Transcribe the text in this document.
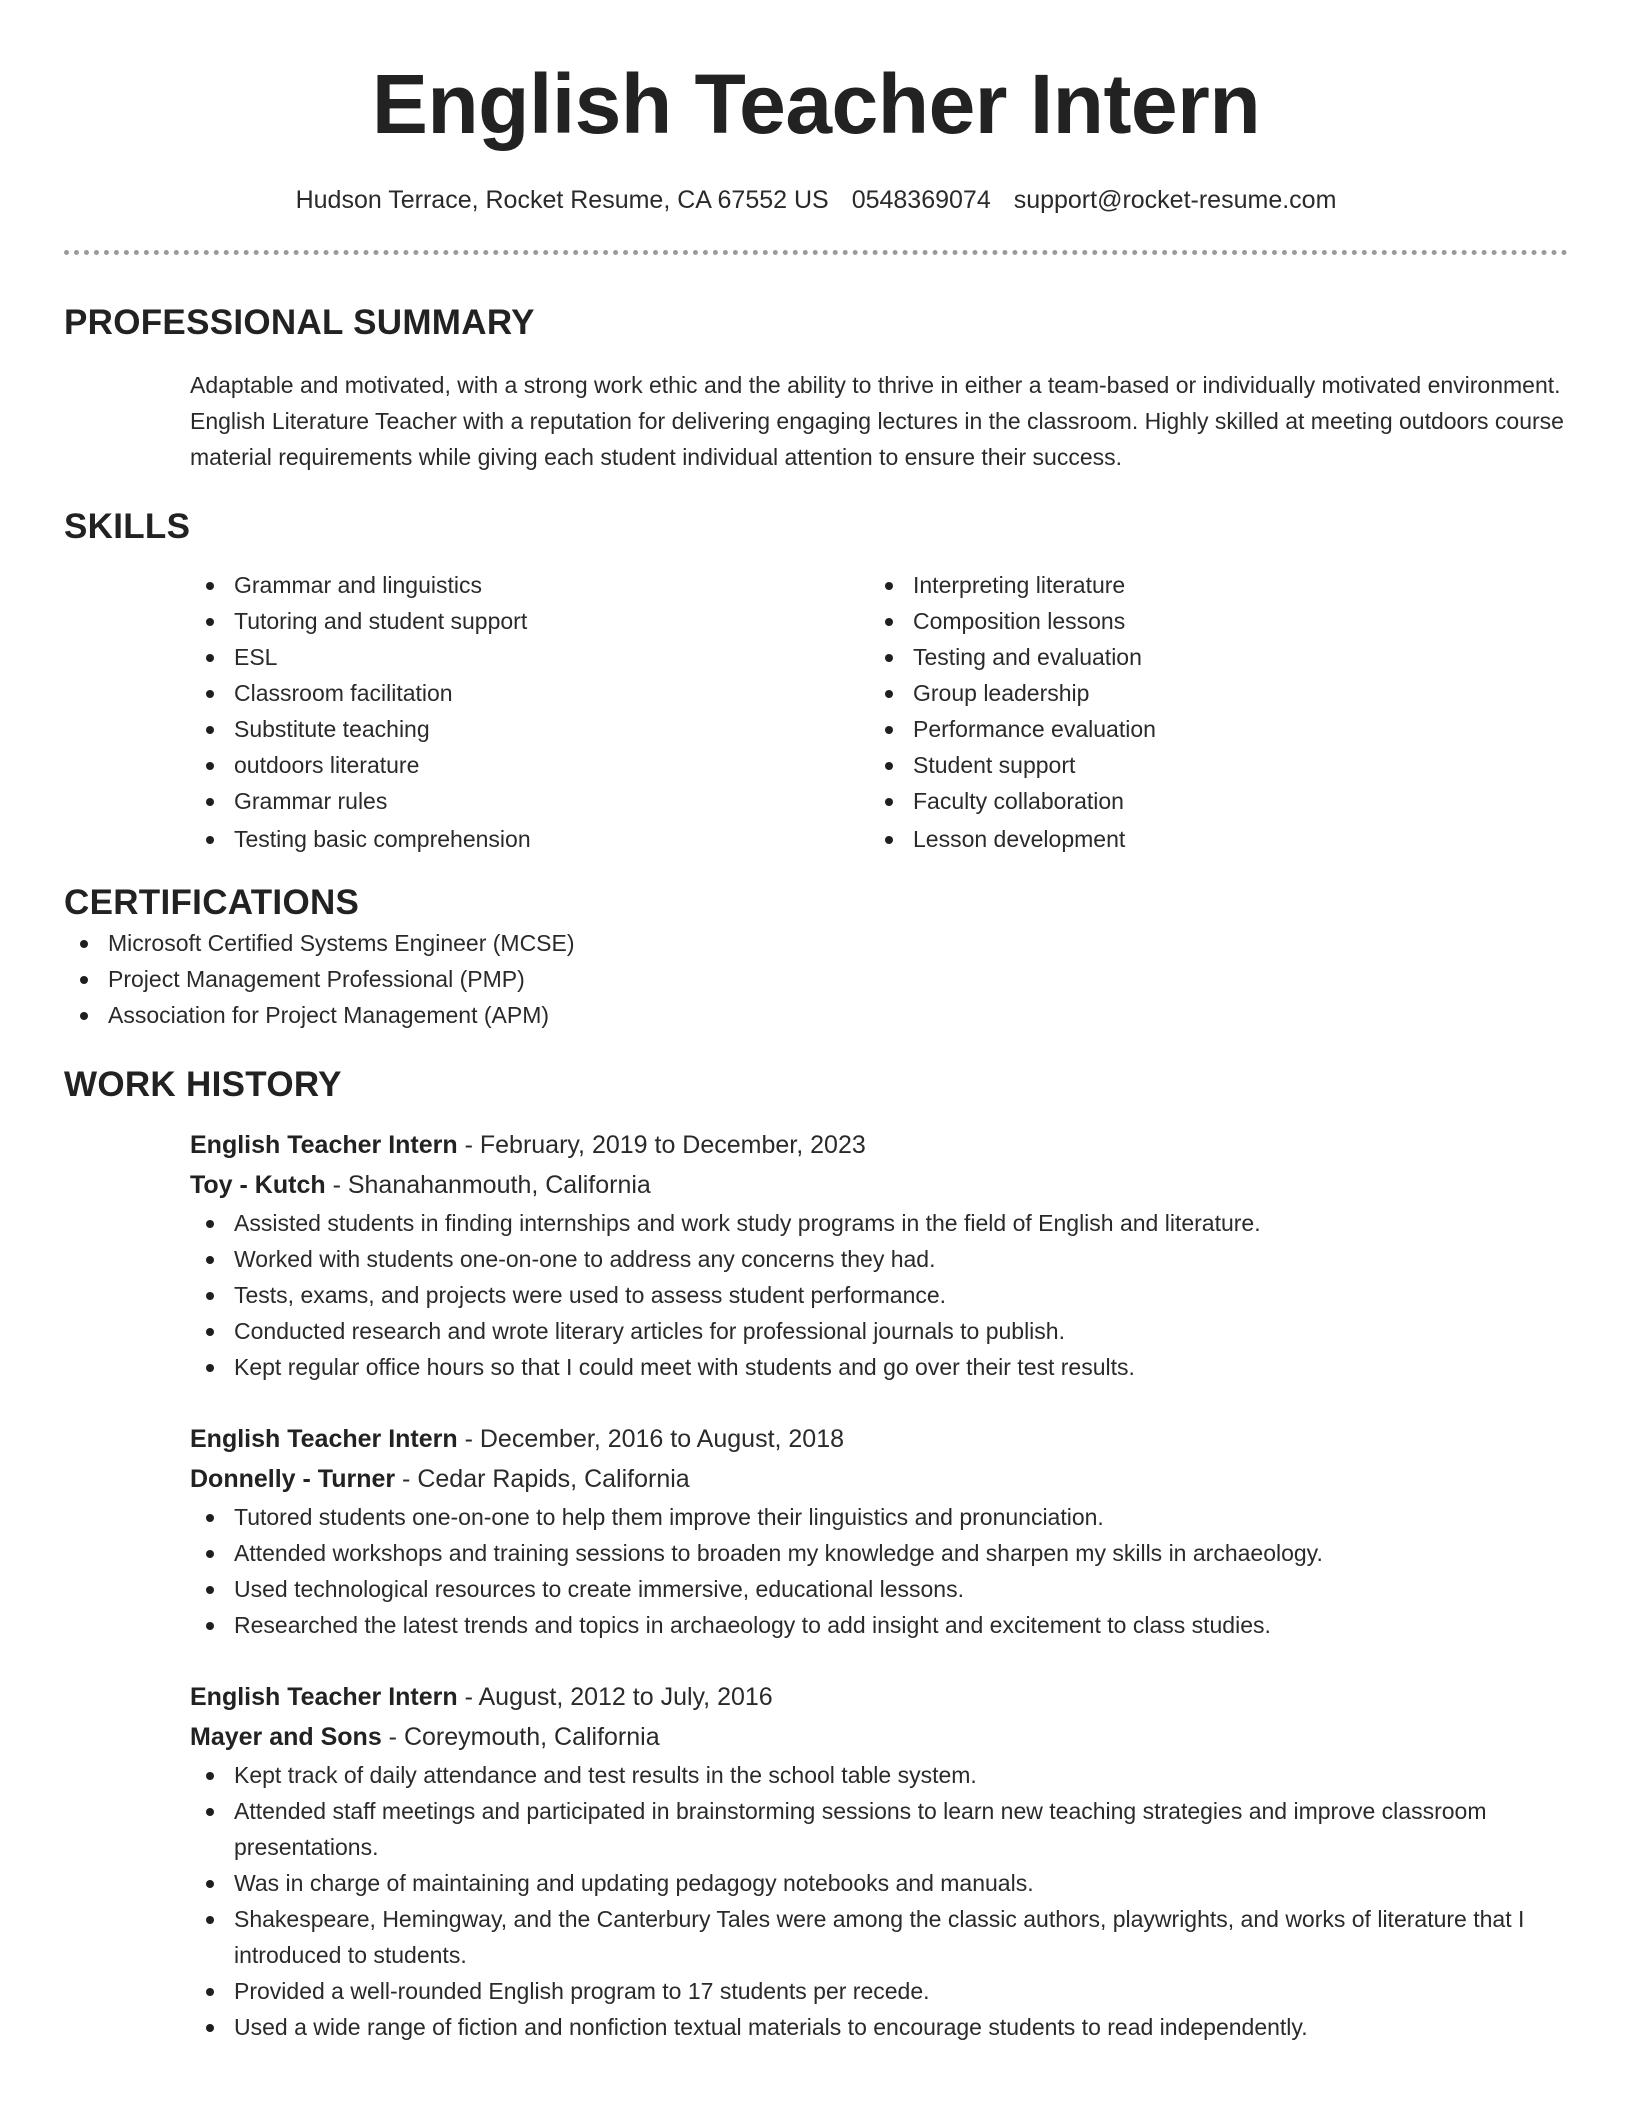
English Teacher Intern
Hudson Terrace, Rocket Resume, CA 67552 US 0548369074 support@rocket-resume.com
PROFESSIONAL SUMMARY

Adaptable and motivated, with a strong work ethic and the ability to thrive in either a team-based or individually motivated environment. English Literature Teacher with a reputation for delivering engaging lectures in the classroom. Highly skilled at meeting outdoors course material requirements while giving each student individual attention to ensure their success.

SKILLS
Grammar and linguistics
Tutoring and student support
ESL
Classroom facilitation
Substitute teaching
outdoors literature
Grammar rules
Testing basic comprehension
Interpreting literature
Composition lessons
Testing and evaluation
Group leadership
Performance evaluation
Student support
Faculty collaboration
Lesson development
CERTIFICATIONS
Microsoft Certified Systems Engineer (MCSE)
Project Management Professional (PMP)
Association for Project Management (APM)
WORK HISTORY
English Teacher Intern - February, 2019 to December, 2023
Toy - Kutch - Shanahanmouth, California
Assisted students in finding internships and work study programs in the field of English and literature.
Worked with students one-on-one to address any concerns they had.
Tests, exams, and projects were used to assess student performance.
Conducted research and wrote literary articles for professional journals to publish.
Kept regular office hours so that I could meet with students and go over their test results.
English Teacher Intern - December, 2016 to August, 2018
Donnelly - Turner - Cedar Rapids, California
Tutored students one-on-one to help them improve their linguistics and pronunciation.
Attended workshops and training sessions to broaden my knowledge and sharpen my skills in archaeology.
Used technological resources to create immersive, educational lessons.
Researched the latest trends and topics in archaeology to add insight and excitement to class studies.
English Teacher Intern - August, 2012 to July, 2016
Mayer and Sons - Coreymouth, California
Kept track of daily attendance and test results in the school table system.
Attended staff meetings and participated in brainstorming sessions to learn new teaching strategies and improve classroom presentations.
Was in charge of maintaining and updating pedagogy notebooks and manuals.
Shakespeare, Hemingway, and the Canterbury Tales were among the classic authors, playwrights, and works of literature that I introduced to students.
Provided a well-rounded English program to 17 students per recede.
Used a wide range of fiction and nonfiction textual materials to encourage students to read independently.
